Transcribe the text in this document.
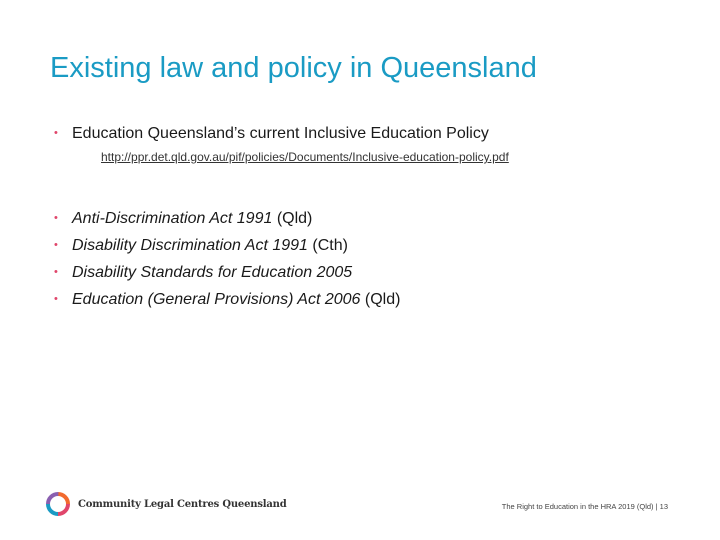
Existing law and policy in Queensland
• Education Queensland’s current Inclusive Education Policy
http://ppr.det.qld.gov.au/pif/policies/Documents/Inclusive-education-policy.pdf
• Anti-Discrimination Act 1991 (Qld)
• Disability Discrimination Act 1991 (Cth)
• Disability Standards for Education 2005
• Education (General Provisions) Act 2006 (Qld)
Community Legal Centres Queensland	The Right to Education in the HRA 2019 (Qld) | 13
